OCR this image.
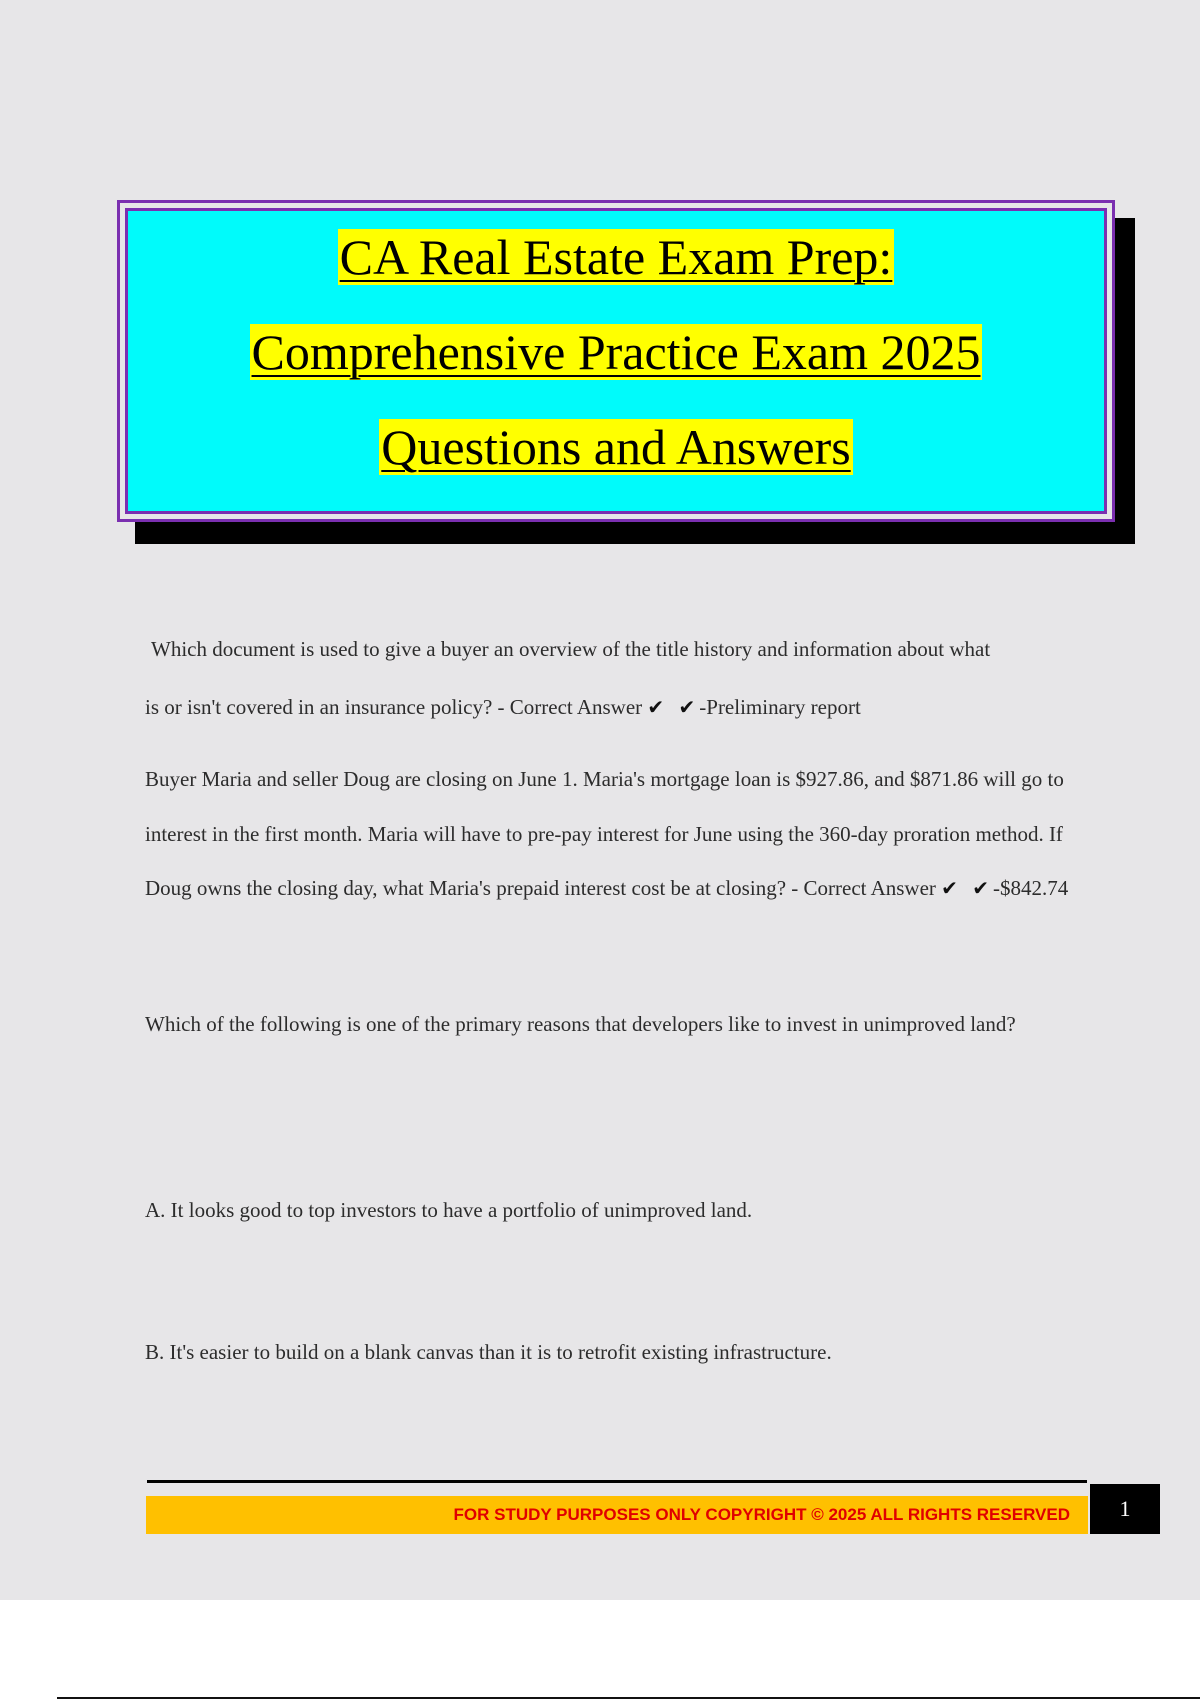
CA Real Estate Exam Prep:
Comprehensive Practice Exam 2025
Questions and Answers

Which document is used to give a buyer an overview of the title history and information about what

is or isn't covered in an insurance policy? - Correct Answer ✔ ✔-Preliminary report

Buyer Maria and seller Doug are closing on June 1. Maria's mortgage loan is $927.86, and $871.86 will go to interest in the first month. Maria will have to pre-pay interest for June using the 360-day proration method. If Doug owns the closing day, what Maria's prepaid interest cost be at closing? - Correct Answer ✔ ✔-$842.74

Which of the following is one of the primary reasons that developers like to invest in unimproved land?

A. It looks good to top investors to have a portfolio of unimproved land.
B. It's easier to build on a blank canvas than it is to retrofit existing infrastructure.
FOR STUDY PURPOSES ONLY COPYRIGHT © 2025 ALL RIGHTS RESERVED	1
